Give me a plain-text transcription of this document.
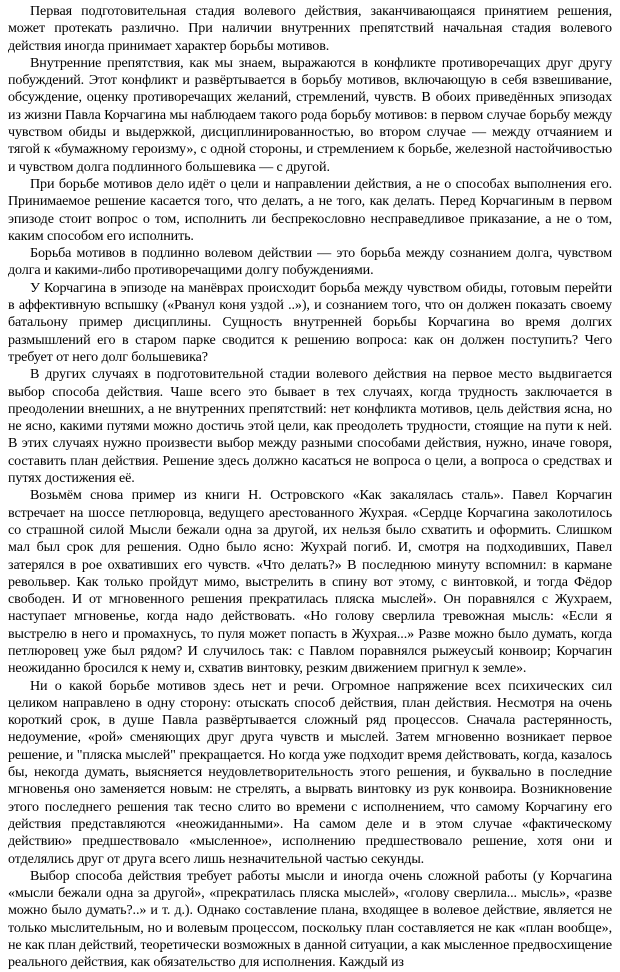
Первая подготовительная стадия волевого действия, заканчивающаяся принятием решения, может протекать различно. При наличии внутренних препятствий начальная стадия волевого действия иногда принимает характер борьбы мотивов.

Внутренние препятствия, как мы знаем, выражаются в конфликте противоречащих друг другу побуждений. Этот конфликт и развёртывается в борьбу мотивов, включающую в себя взвешивание, обсуждение, оценку противоречащих желаний, стремлений, чувств. В обоих приведённых эпизодах из жизни Павла Корчагина мы наблюдаем такого рода борьбу мотивов: в первом случае борьбу между чувством обиды и выдержкой, дисциплинированностью, во втором случае — между отчаянием и тягой к «бумажному героизму», с одной стороны, и стремлением к борьбе, железной настойчивостью и чувством долга подлинного большевика — с другой.

При борьбе мотивов дело идёт о цели и направлении действия, а не о способах выполнения его. Принимаемое решение касается того, что делать, а не того, как делать. Перед Корчагиным в первом эпизоде стоит вопрос о том, исполнить ли беспрекословно несправедливое приказание, а не о том, каким способом его исполнить.

Борьба мотивов в подлинно волевом действии — это борьба между сознанием долга, чувством долга и какими-либо противоречащими долгу побуждениями.

У Корчагина в эпизоде на манёврах происходит борьба между чувством обиды, готовым перейти в аффективную вспышку («Рванул коня уздой ..»), и сознанием того, что он должен показать своему батальону пример дисциплины. Сущность внутренней борьбы Корчагина во время долгих размышлений его в старом парке сводится к решению вопроса: как он должен поступить? Чего требует от него долг большевика?

В других случаях в подготовительной стадии волевого действия на первое место выдвигается выбор способа действия. Чаше всего это бывает в тех случаях, когда трудность заключается в преодолении внешних, а не внутренних препятствий: нет конфликта мотивов, цель действия ясна, но не ясно, какими путями можно достичь этой цели, как преодолеть трудности, стоящие на пути к ней. В этих случаях нужно произвести выбор между разными способами действия, нужно, иначе говоря, составить план действия. Решение здесь должно касаться не вопроса о цели, а вопроса о средствах и путях достижения её.

Возьмём снова пример из книги Н. Островского «Как закалялась сталь». Павел Корчагин встречает на шоссе петлюровца, ведущего арестованного Жухрая. «Сердце Корчагина заколотилось со страшной силой Мысли бежали одна за другой, их нельзя было схватить и оформить. Слишком мал был срок для решения. Одно было ясно: Жухрай погиб. И, смотря на подходивших, Павел затерялся в рое охвативших его чувств. «Что делать?» В последнюю минуту вспомнил: в кармане револьвер. Как только пройдут мимо, выстрелить в спину вот этому, с винтовкой, и тогда Фёдор свободен. И от мгновенного решения прекратилась пляска мыслей». Он поравнялся с Жухраем, наступает мгновенье, когда надо действовать. «Но голову сверлила тревожная мысль: «Если я выстрелю в него и промахнусь, то пуля может попасть в Жухрая...» Разве можно было думать, когда петлюровец уже был рядом? И случилось так: с Павлом поравнялся рыжеусый конвоир; Корчагин неожиданно бросился к нему и, схватив винтовку, резким движением пригнул к земле».

Ни о какой борьбе мотивов здесь нет и речи. Огромное напряжение всех психических сил целиком направлено в одну сторону: отыскать способ действия, план действия. Несмотря на очень короткий срок, в душе Павла развёртывается сложный ряд процессов. Сначала растерянность, недоумение, «рой» сменяющих друг друга чувств и мыслей. Затем мгновенно возникает первое решение, и "пляска мыслей" прекращается. Но когда уже подходит время действовать, когда, казалось бы, некогда думать, выясняется неудовлетворительность этого решения, и буквально в последние мгновенья оно заменяется новым: не стрелять, а вырвать винтовку из рук конвоира. Возникновение этого последнего решения так тесно слито во времени с исполнением, что самому Корчагину его действия представляются «неожиданными». На самом деле и в этом случае «фактическому действию» предшествовало «мысленное», исполнению предшествовало решение, хотя они и отделялись друг от друга всего лишь незначительной частью секунды.

Выбор способа действия требует работы мысли и иногда очень сложной работы (у Корчагина «мысли бежали одна за другой», «прекратилась пляска мыслей», «голову сверлила... мысль», «разве можно было думать?..» и т. д.). Однако составление плана, входящее в волевое действие, является не только мыслительным, но и волевым процессом, поскольку план составляется не как «план вообще», не как план действий, теоретически возможных в данной ситуации, а как мысленное предвосхищение реального действия, как обязательство для исполнения. Каждый из
